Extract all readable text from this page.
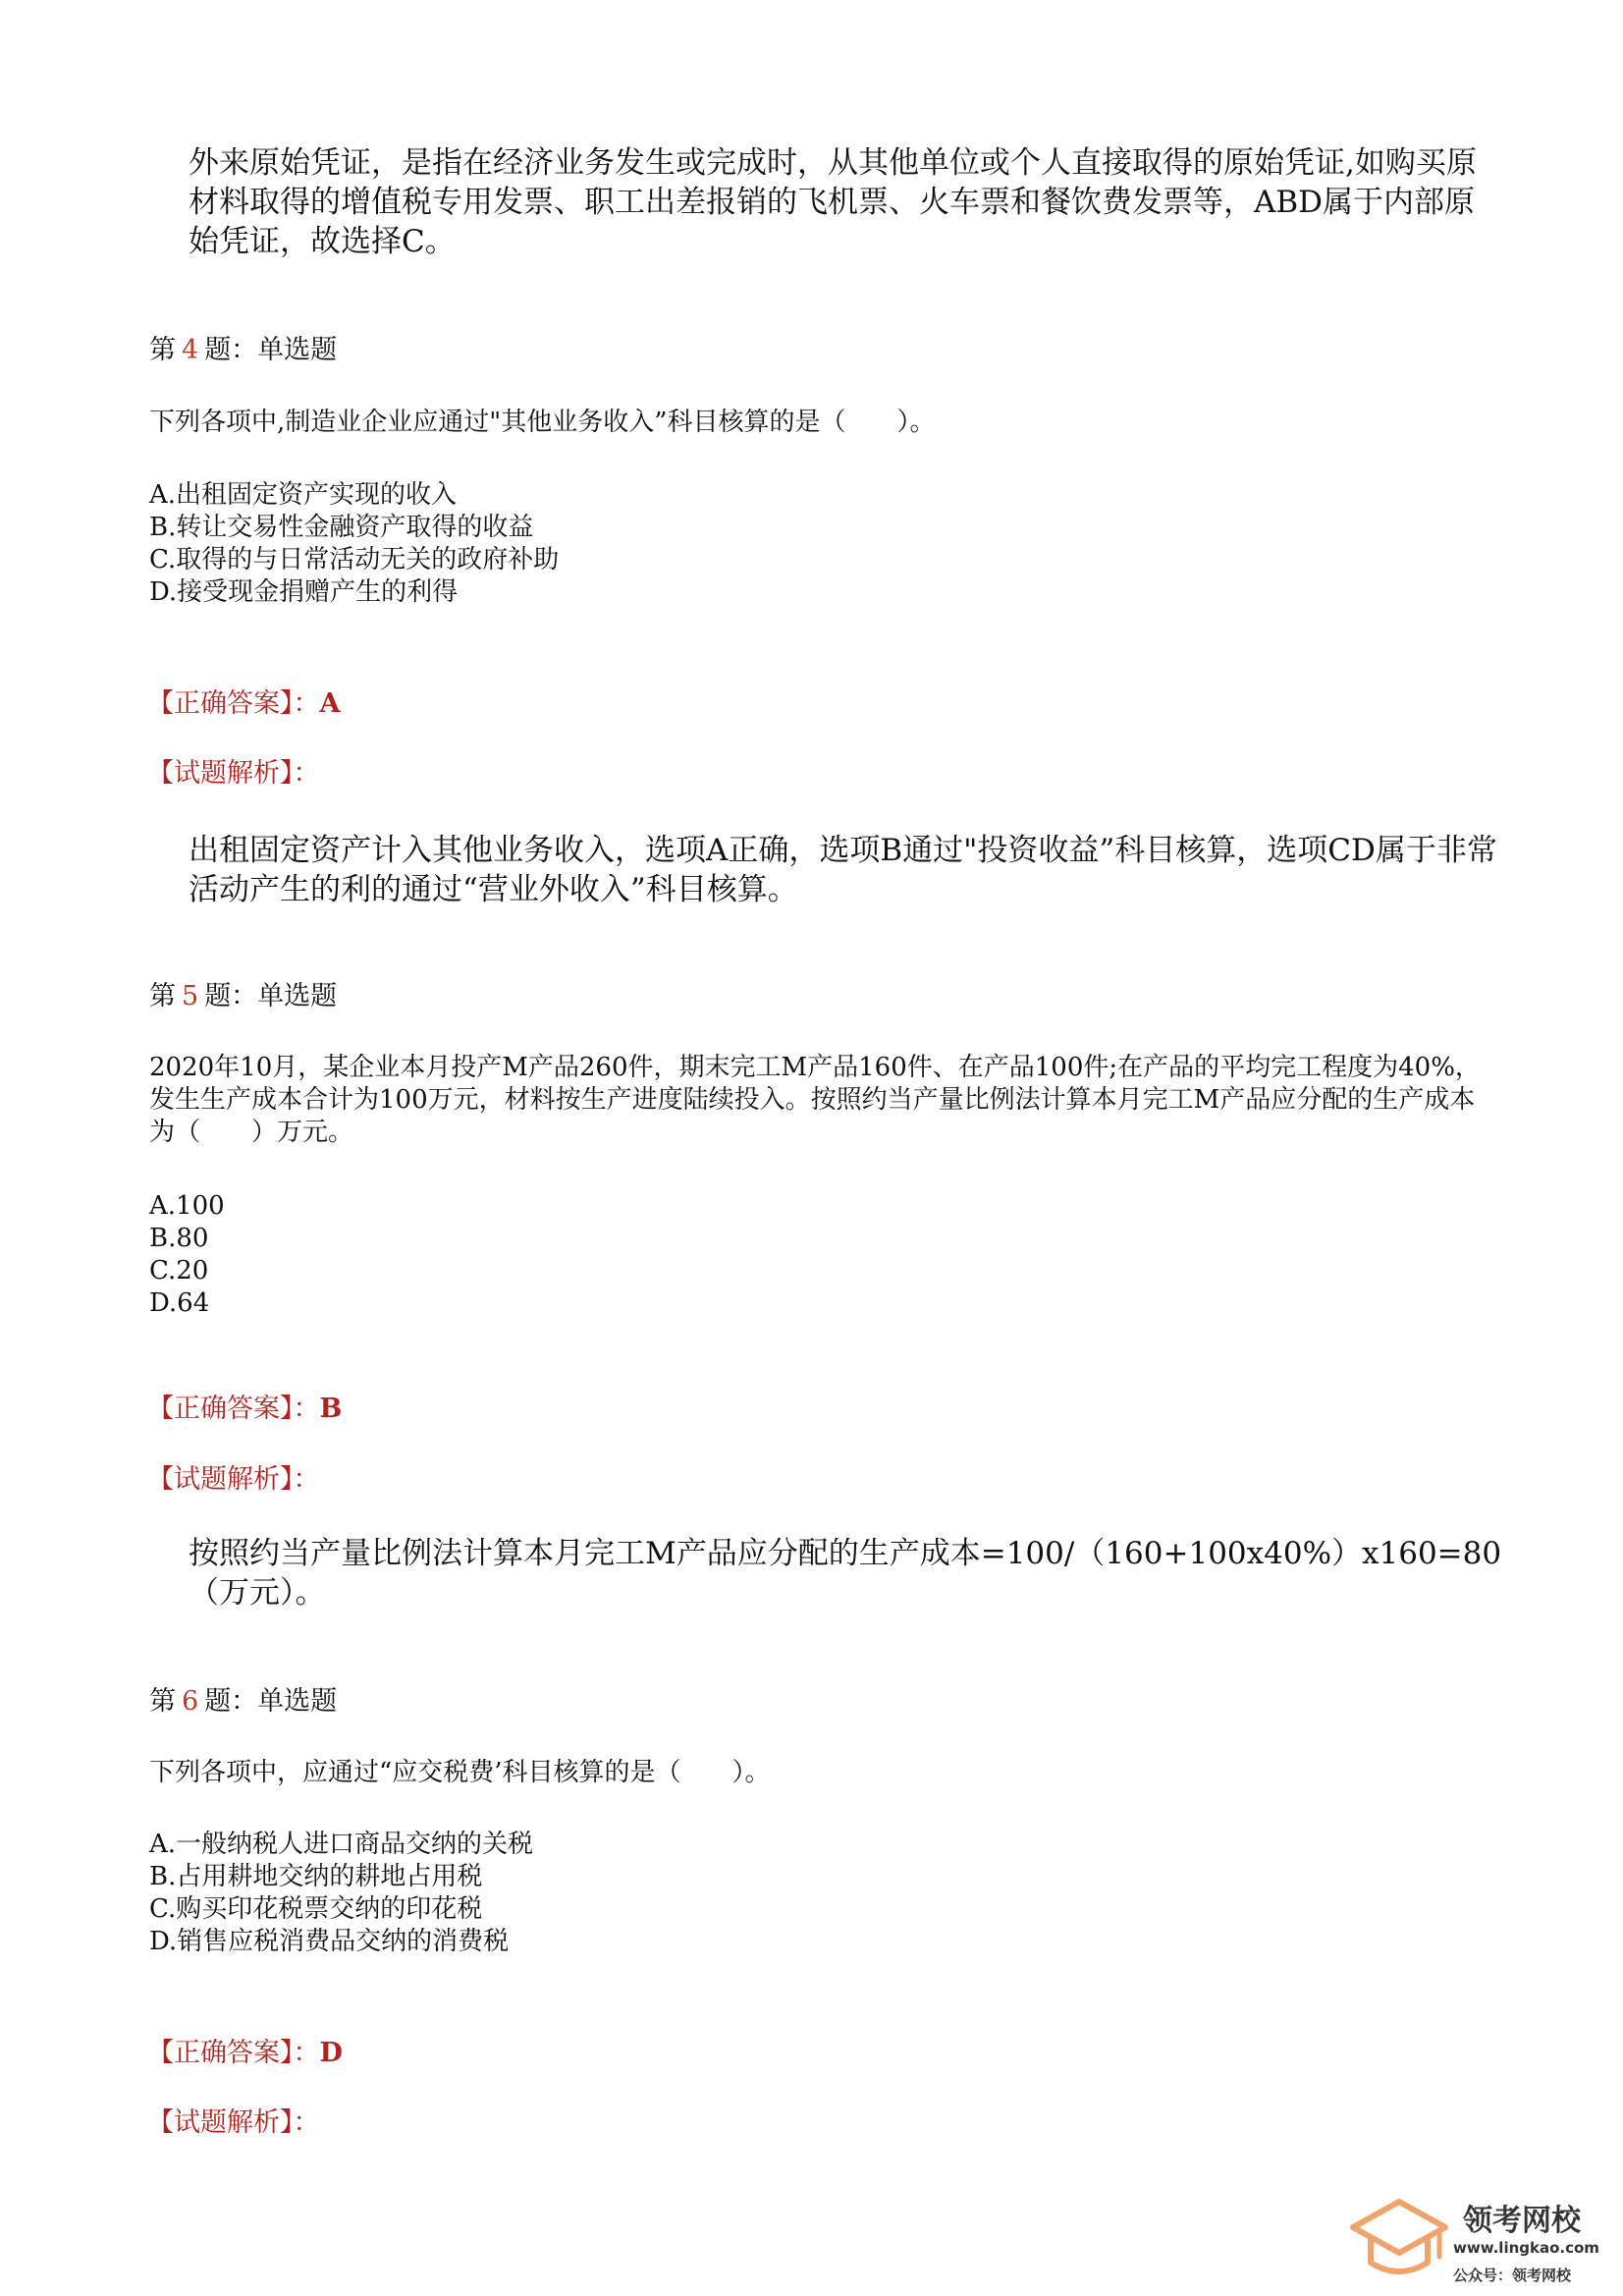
外来原始凭证，是指在经济业务发生或完成时，从其他单位或个人直接取得的原始凭证,如购买原材料取得的增值税专用发票、职工出差报销的飞机票、火车票和餐饮费发票等，ABD属于内部原始凭证，故选择C。
第 4 题：单选题
下列各项中,制造业企业应通过"其他业务收入”科目核算的是（　　）。
A.出租固定资产实现的收入
B.转让交易性金融资产取得的收益
C.取得的与日常活动无关的政府补助
D.接受现金捐赠产生的利得
【正确答案】：A
【试题解析】：
出租固定资产计入其他业务收入，选项A正确，选项B通过"投资收益”科目核算，选项CD属于非常活动产生的利的通过“营业外收入”科目核算。
第 5 题：单选题
2020年10月，某企业本月投产M产品260件，期末完工M产品160件、在产品100件;在产品的平均完工程度为40%，发生生产成本合计为100万元，材料按生产进度陆续投入。按照约当产量比例法计算本月完工M产品应分配的生产成本为（　　）万元。
A.100
B.80
C.20
D.64
【正确答案】：B
【试题解析】：
按照约当产量比例法计算本月完工M产品应分配的生产成本=100/（160+100x40%）x160=80（万元）。
第 6 题：单选题
下列各项中，应通过“应交税费’科目核算的是（　　）。
A.一般纳税人进口商品交纳的关税
B.占用耕地交纳的耕地占用税
C.购买印花税票交纳的印花税
D.销售应税消费品交纳的消费税
【正确答案】：D
【试题解析】：
领考网校
www.lingkao.com
公众号：领考网校
